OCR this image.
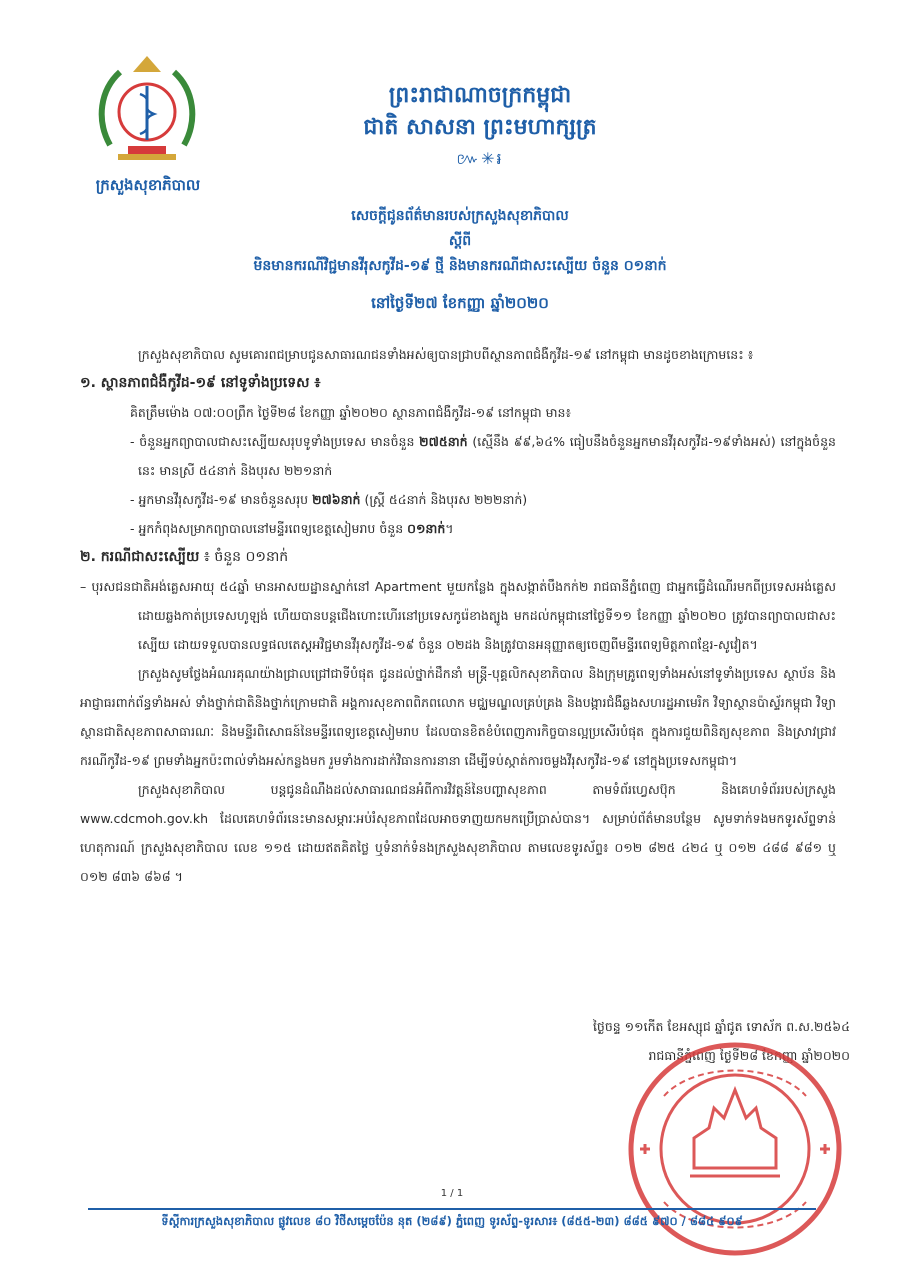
ក្រសួងសុខាភិបាល
ព្រះរាជាណាចក្រកម្ពុជា
ជាតិ សាសនា ព្រះមហាក្សត្រ
៚✳៛
សេចក្តីជូនព័ត៌មានរបស់ក្រសួងសុខាភិបាល
ស្តីពី
មិនមានករណីវិជ្ជមានវីរុសកូវីដ-១៩ ថ្មី និងមានករណីជាសះស្បើយ ចំនួន ០១នាក់
នៅថ្ងៃទី២៧ ខែកញ្ញា ឆ្នាំ២០២០

ក្រសួងសុខាភិបាល សូមគោរពជម្រាបជូនសាធារណជនទាំងអស់ឲ្យបានជ្រាបពីស្ថានភាពជំងឺកូវីដ-១៩ នៅកម្ពុជា មានដូចខាងក្រោមនេះ ៖

១. ស្ថានភាពជំងឺកូវីដ-១៩ នៅទូទាំងប្រទេស ៖

គិតត្រឹមម៉ោង ០៧:០០ព្រឹក ថ្ងៃទី២៨ ខែកញ្ញា ឆ្នាំ២០២០ ស្ថានភាពជំងឺកូវីដ-១៩ នៅកម្ពុជា មាន៖

- ចំនួនអ្នកព្យាបាលជាសះស្បើយសរុបទូទាំងប្រទេស មានចំនួន ២៧៥នាក់ (ស្មើនឹង ៩៩,៦៤% ធៀបនឹងចំនួនអ្នកមានវីរុសកូវីដ-១៩ទាំងអស់) នៅក្នុងចំនួននេះ មានស្រី ៥៤នាក់ និងបុរស ២២១នាក់

- អ្នកមានវីរុសកូវីដ-១៩ មានចំនួនសរុប ២៧៦នាក់ (ស្ត្រី ៥៤នាក់ និងបុរស ២២២នាក់)

- អ្នកកំពុងសម្រាកព្យាបាលនៅមន្ទីរពេទ្យខេត្តសៀមរាប ចំនួន ០១នាក់។

២. ករណីជាសះស្បើយ ៖ ចំនួន ០១នាក់

– បុរសជនជាតិអង់គ្លេសអាយុ ៥៤ឆ្នាំ មានអាសយដ្ឋានស្នាក់នៅ Apartment មួយកន្លែង ក្នុងសង្កាត់បឹងកក់២ រាជធានីភ្នំពេញ ជាអ្នកធ្វើដំណើរមកពីប្រទេសអង់គ្លេស ដោយឆ្លងកាត់ប្រទេសហូឡង់ ហើយបានបន្តជើងហោះហើរនៅប្រទេសកូរ៉េខាងត្បូង មកដល់កម្ពុជានៅថ្ងៃទី១១ ខែកញ្ញា ឆ្នាំ២០២០ ត្រូវបានព្យាបាលជាសះស្បើយ ដោយទទួលបានលទ្ធផលតេស្តអវិជ្ជមានវីរុសកូវីដ-១៩ ចំនួន ០២ដង និងត្រូវបានអនុញ្ញាតឲ្យចេញពីមន្ទីរពេទ្យមិត្តភាពខ្មែរ-សូវៀត។

ក្រសួងសូមថ្លែងអំណរគុណយ៉ាងជ្រាលជ្រៅជាទីបំផុត ជូនដល់ថ្នាក់ដឹកនាំ មន្ត្រី-បុគ្គលិកសុខាភិបាល និងក្រុមគ្រូពេទ្យទាំងអស់នៅទូទាំងប្រទេស ស្ថាប័ន និងអាជ្ញាធរពាក់ព័ន្ធទាំងអស់ ទាំងថ្នាក់ជាតិនិងថ្នាក់ក្រោមជាតិ អង្គការសុខភាពពិភពលោក មជ្ឈមណ្ឌលគ្រប់គ្រង និងបង្ការជំងឺឆ្លងសហរដ្ឋអាមេរិក វិទ្យាស្ថានប៉ាស្ទ័រកម្ពុជា វិទ្យាស្ថានជាតិសុខភាពសាធារណៈ និងមន្ទីរពិសោធន៍នៃមន្ទីរពេទ្យខេត្តសៀមរាប ដែលបានខិតខំបំពេញភារកិច្ចបានល្អប្រសើរបំផុត ក្នុងការជួយពិនិត្យសុខភាព និងស្រាវជ្រាវករណីកូវីដ-១៩ ព្រមទាំងអ្នកប៉ះពាល់ទាំងអស់កន្លងមក រួមទាំងការដាក់វិធានការនានា ដើម្បីទប់ស្កាត់ការចម្លងវីរុសកូវីដ-១៩ នៅក្នុងប្រទេសកម្ពុជា។

ក្រសួងសុខាភិបាល បន្តជូនដំណឹងដល់សាធារណជនអំពីការវិវត្តន៍នៃបញ្ហាសុខភាព តាមទំព័រហ្វេសប៊ុក និងគេហទំព័ររបស់ក្រសួង www.cdcmoh.gov.kh ដែលគេហទំព័រនេះមានសម្ភារៈអប់រំសុខភាពដែលអាចទាញយកមកប្រើប្រាស់បាន។ សម្រាប់ព័ត៌មានបន្ថែម សូមទាក់ទងមកទូរស័ព្ទទាន់ហេតុការណ៍ ក្រសួងសុខាភិបាល លេខ ១១៥ ដោយឥតគិតថ្លៃ ឬទំនាក់ទំនងក្រសួងសុខាភិបាល តាមលេខទូរស័ព្ទ៖ ០១២ ៨២៥ ៤២៤ ឬ ០១២ ៤៨៨ ៩៨១ ឬ ០១២ ៨៣៦ ៨៦៨ ។

ថ្ងៃចន្ទ ១១កើត ខែអស្សុជ ឆ្នាំជូត ទោស័ក ព.ស.២៥៦៤
រាជធានីភ្នំពេញ ថ្ងៃទី២៨ ខែកញ្ញា ឆ្នាំ២០២០
1 / 1
ទីស្តីការក្រសួងសុខាភិបាល ផ្លូវលេខ ៨០ វិថីសម្តេចប៉ែន នុត (២៨៩) ភ្នំពេញ ទូរស័ព្ទ-ទូរសារ៖ (៨៥៥-២៣) ៨៨៥ ៩៧០ / ៨៨៤ ៩០៩
